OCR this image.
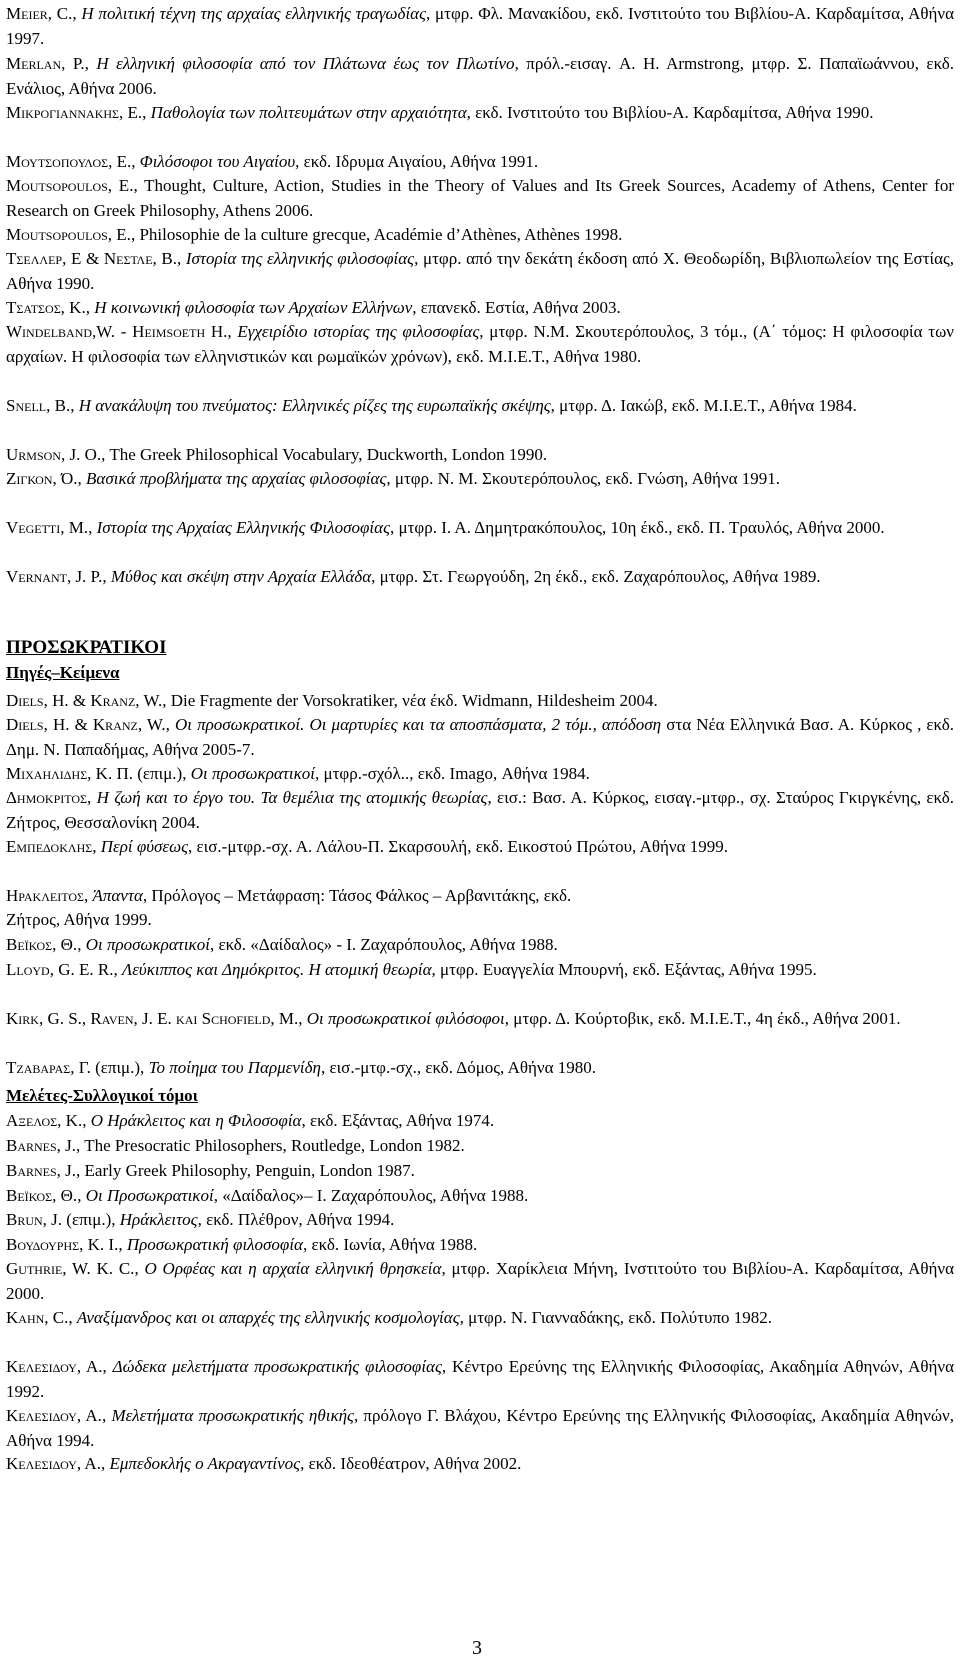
Meier, C., Η πολιτική τέχνη της αρχαίας ελληνικής τραγωδίας, μτφρ. Φλ. Μανακίδου, εκδ. Ινστιτούτο του Βιβλίου-Α. Καρδαμίτσα, Αθήνα 1997.
Merlan, P., Η ελληνική φιλοσοφία από τον Πλάτωνα έως τον Πλωτίνο, πρόλ.-εισαγ. A. H. Armstrong, μτφρ. Σ. Παπαϊωάννου, εκδ. Ενάλιος, Αθήνα 2006.
Μικρογιαννακης, Ε., Παθολογία των πολιτευμάτων στην αρχαιότητα, εκδ. Ινστιτούτο του Βιβλίου-Α. Καρδαμίτσα, Αθήνα 1990.
Μουτσοπουλος, Ε., Φιλόσοφοι του Αιγαίου, εκδ. Ιδρυμα Αιγαίου, Αθήνα 1991.
Moutsopoulos, E., Thought, Culture, Action, Studies in the Theory of Values and Its Greek Sources, Academy of Athens, Center for Research on Greek Philosophy, Athens 2006.
Moutsopoulos, E., Philosophie de la culture grecque, Académie d’Athènes, Athènes 1998.
Τσελλερ, Ε & Νεστλε, Β., Ιστορία της ελληνικής φιλοσοφίας, μτφρ. από την δεκάτη έκδοση από Χ. Θεοδωρίδη, Βιβλιοπωλείον της Εστίας, Αθήνα 1990.
Τσατσος, Κ., Η κοινωνική φιλοσοφία των Αρχαίων Ελλήνων, επανεκδ. Εστία, Αθήνα 2003.
Windelband,W. - Heimsoeth H., Εγχειρίδιο ιστορίας της φιλοσοφίας, μτφρ. Ν.Μ. Σκουτερόπουλος, 3 τόμ., (Α΄ τόμος: Η φιλοσοφία των αρχαίων. Η φιλοσοφία των ελληνιστικών και ρωμαϊκών χρόνων), εκδ. Μ.Ι.Ε.Τ., Αθήνα 1980.
Snell, B., Η ανακάλυψη του πνεύματος: Ελληνικές ρίζες της ευρωπαϊκής σκέψης, μτφρ. Δ. Ιακώβ, εκδ. Μ.Ι.Ε.Τ., Αθήνα 1984.
Urmson, J. O., The Greek Philosophical Vocabulary, Duckworth, London 1990.
Ζιγκον, Ό., Βασικά προβλήματα της αρχαίας φιλοσοφίας, μτφρ. Ν. Μ. Σκουτερόπουλος, εκδ. Γνώση, Αθήνα 1991.
Vegetti, M., Ιστορία της Αρχαίας Ελληνικής Φιλοσοφίας, μτφρ. Ι. Α. Δημητρακόπουλος, 10η έκδ., εκδ. Π. Τραυλός, Αθήνα 2000.
Vernant, J. P., Μύθος και σκέψη στην Αρχαία Ελλάδα, μτφρ. Στ. Γεωργούδη, 2η έκδ., εκδ. Ζαχαρόπουλος, Αθήνα 1989.
Diels, H. & Kranz, W., Die Fragmente der Vorsokratiker, νέα έκδ. Widmann, Hildesheim 2004.
Diels, H. & Kranz, W., Οι προσωκρατικοί. Οι μαρτυρίες και τα αποσπάσματα, 2 τόμ., απόδοση στα Νέα Ελληνικά Βασ. Α. Κύρκος , εκδ. Δημ. Ν. Παπαδήμας, Αθήνα 2005-7.
Μιχαηλιδης, Κ. Π. (επιμ.), Οι προσωκρατικοί, μτφρ.-σχόλ.., εκδ. Imago, Αθήνα 1984.
Δημοκριτος, Η ζωή και το έργο του. Τα θεμέλια της ατομικής θεωρίας, εισ.: Βασ. Α. Κύρκος, εισαγ.-μτφρ., σχ. Σταύρος Γκιργκένης, εκδ. Ζήτρος, Θεσσαλονίκη 2004.
Εμπεδοκλης, Περί φύσεως, εισ.-μτφρ.-σχ. Α. Λάλου-Π. Σκαρσουλή, εκδ. Εικοστού Πρώτου, Αθήνα 1999.
Ηρακλειτος, Άπαντα, Πρόλογος – Μετάφραση: Τάσος Φάλκος – Αρβανιτάκης, εκδ.
Ζήτρος, Αθήνα 1999.
Βεϊκος, Θ., Οι προσωκρατικοί, εκδ. «Δαίδαλος» - Ι. Ζαχαρόπουλος, Αθήνα 1988.
Lloyd, G. E. R., Λεύκιππος και Δημόκριτος. Η ατομική θεωρία, μτφρ. Ευαγγελία Μπουρνή, εκδ. Εξάντας, Αθήνα 1995.
Kirk, G. S., Raven, J. E. και Schofield, M., Οι προσωκρατικοί φιλόσοφοι, μτφρ. Δ. Κούρτοβικ, εκδ. Μ.Ι.Ε.Τ., 4η έκδ., Αθήνα 2001.
Τζαβαρας, Γ. (επιμ.), Το ποίημα του Παρμενίδη, εισ.-μτφ.-σχ., εκδ. Δόμος, Αθήνα 1980.
Αξελος, Κ., Ο Ηράκλειτος και η Φιλοσοφία, εκδ. Εξάντας, Αθήνα 1974.
Barnes, J., The Presocratic Philosophers, Routledge, London 1982.
Barnes, J., Early Greek Philosophy, Penguin, London 1987.
Βεϊκος, Θ., Οι Προσωκρατικοί, «Δαίδαλος»– Ι. Ζαχαρόπουλος, Αθήνα 1988.
Brun, J. (επιμ.), Ηράκλειτος, εκδ. Πλέθρον, Αθήνα 1994.
Βουδουρης, Κ. Ι., Προσωκρατική φιλοσοφία, εκδ. Ιωνία, Αθήνα 1988.
Guthrie, W. K. C., Ο Ορφέας και η αρχαία ελληνική θρησκεία, μτφρ. Χαρίκλεια Μήνη, Ινστιτούτο του Βιβλίου-Α. Καρδαμίτσα, Αθήνα 2000.
Kahn, C., Αναξίμανδρος και οι απαρχές της ελληνικής κοσμολογίας, μτφρ. Ν. Γιανναδάκης, εκδ. Πολύτυπο 1982.
Κελεσιδου, Α., Δώδεκα μελετήματα προσωκρατικής φιλοσοφίας, Κέντρο Ερεύνης της Ελληνικής Φιλοσοφίας, Ακαδημία Αθηνών, Αθήνα 1992.
Κελεσιδου, Α., Μελετήματα προσωκρατικής ηθικής, πρόλογο Γ. Βλάχου, Κέντρο Ερεύνης της Ελληνικής Φιλοσοφίας, Ακαδημία Αθηνών, Αθήνα 1994.
Κελεσιδου, Α., Εμπεδοκλής ο Ακραγαντίνος, εκδ. Ιδεοθέατρον, Αθήνα 2002.
ΠΡΟΣΩΚΡΑΤΙΚΟΙ
Πηγές–Κείμενα
Μελέτες-Συλλογικοί τόμοι
3
